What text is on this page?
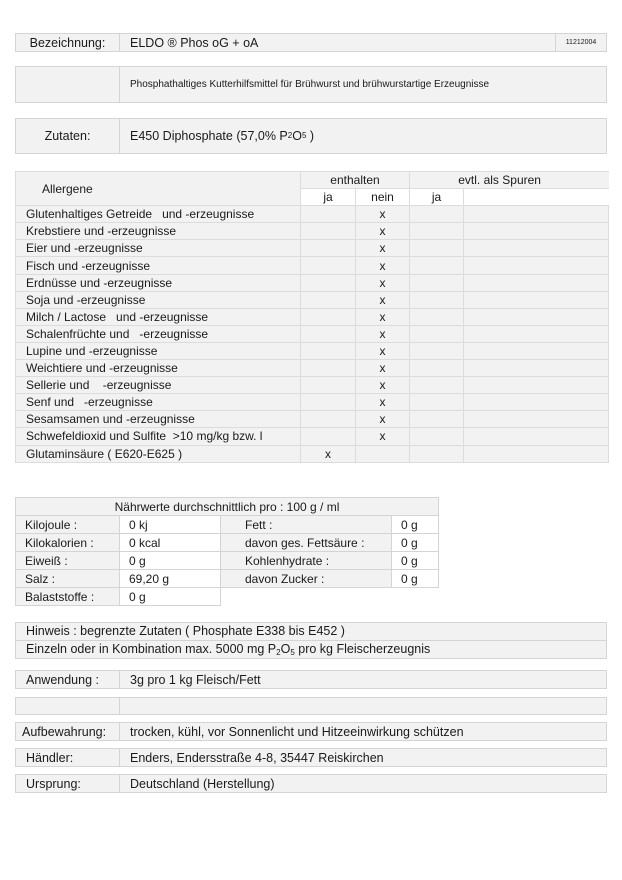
Bezeichnung:	ELDO ® Phos oG + oA	11212004
Phosphathaltiges Kutterhilfsmittel für Brühwurst und brühwurstartige Erzeugnisse
Zutaten:	E450 Diphosphate (57,0% P 2 O 5 )
Allergene	enthalten		evtl. als Spuren	
	ja	nein	ja	
Glutenhaltiges Getreide   und -erzeugnisse		x		
Krebstiere und -erzeugnisse		x		
Eier und -erzeugnisse		x		
Fisch und -erzeugnisse		x		
Erdnüsse und -erzeugnisse		x		
Soja und -erzeugnisse		x		
Milch / Lactose   und -erzeugnisse		x		
Schalenfrüchte und   -erzeugnisse		x		
Lupine und -erzeugnisse		x		
Weichtiere und -erzeugnisse		x		
Sellerie und    -erzeugnisse		x		
Senf und   -erzeugnisse		x		
Sesamsamen und -erzeugnisse		x		
Schwefeldioxid und Sulfite  >10 mg/kg bzw. l		x		
Glutaminsäure ( E620-E625 )	x			
Nährwerte durchschnittlich pro : 100 g / ml			
Kilojoule :	0 kj	Fett :	0 g
Kilokalorien :	0 kcal	davon ges. Fettsäure :	0 g
Eiweiß :	0 g	Kohlenhydrate :	0 g
Salz :	69,20 g	davon Zucker :	0 g
Balaststoffe :	0 g		
Hinweis : begrenzte Zutaten ( Phosphate E338 bis E452 )
Einzeln oder in Kombination max. 5000 mg $P_2O_5$ pro kg Fleischerzeugnis
Anwendung :	3g pro 1 kg Fleisch/Fett
Aufbewahrung:	trocken, kühl, vor Sonnenlicht und Hitzeeinwirkung schützen
Händler:	Enders, Endersstraße 4-8, 35447 Reiskirchen
Ursprung:	Deutschland (Herstellung)
